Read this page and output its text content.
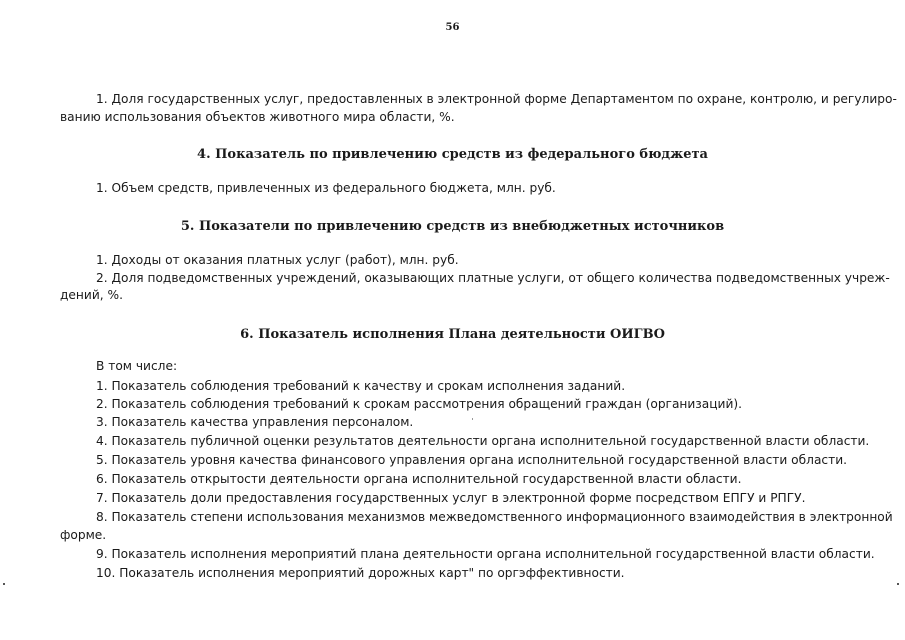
56
1. Доля государственных услуг, предоставленных в электронной форме Департаментом по охране, контролю, и регулиро-
ванию использования объектов животного мира области, %.
4. Показатель по привлечению средств из федерального бюджета
1. Объем средств, привлеченных из федерального бюджета, млн. руб.
5. Показатели по привлечению средств из внебюджетных источников
1. Доходы от оказания платных услуг (работ), млн. руб.
2. Доля подведомственных учреждений, оказывающих платные услуги, от общего количества подведомственных учреж-
дений, %.
6. Показатель исполнения Плана деятельности ОИГВО
В том числе:
1. Показатель соблюдения требований к качеству и срокам исполнения заданий.
2. Показатель соблюдения требований к срокам рассмотрения обращений граждан (организаций).
3. Показатель качества управления персоналом.
4. Показатель публичной оценки результатов деятельности органа исполнительной государственной власти области.
5. Показатель уровня качества финансового управления органа исполнительной государственной власти области.
6. Показатель открытости деятельности органа исполнительной государственной власти области.
7. Показатель доли предоставления государственных услуг в электронной форме посредством ЕПГУ и РПГУ.
8. Показатель степени использования механизмов межведомственного информационного взаимодействия в электронной
форме.
9. Показатель исполнения мероприятий плана деятельности органа исполнительной государственной власти области.
10. Показатель исполнения мероприятий дорожных карт" по оргэффективности.
˙
